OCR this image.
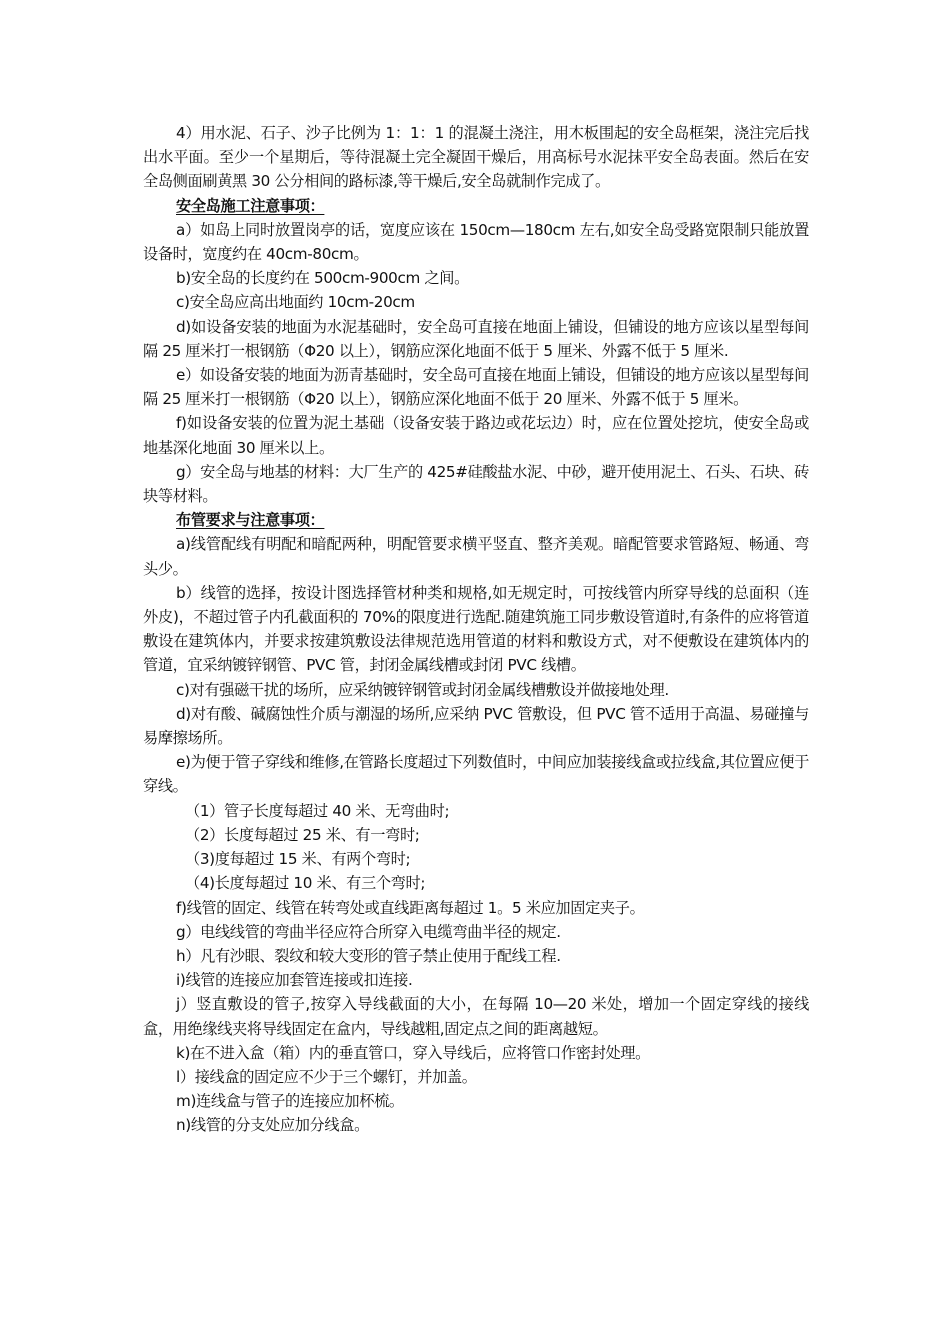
4）用水泥、石子、沙子比例为 1：1：1 的混凝土浇注，用木板围起的安全岛框架，浇注完后找出水平面。至少一个星期后，等待混凝土完全凝固干燥后，用高标号水泥抹平安全岛表面。然后在安全岛侧面刷黄黑 30 公分相间的路标漆,等干燥后,安全岛就制作完成了。

安全岛施工注意事项：

a）如岛上同时放置岗亭的话，宽度应该在 150cm—180cm 左右,如安全岛受路宽限制只能放置设备时，宽度约在 40cm-80cm。

b)安全岛的长度约在 500cm-900cm 之间。

c)安全岛应高出地面约 10cm-20cm

d)如设备安装的地面为水泥基础时，安全岛可直接在地面上铺设，但铺设的地方应该以星型每间隔 25 厘米打一根钢筋（Φ20 以上），钢筋应深化地面不低于 5 厘米、外露不低于 5 厘米.

e）如设备安装的地面为沥青基础时，安全岛可直接在地面上铺设，但铺设的地方应该以星型每间隔 25 厘米打一根钢筋（Φ20 以上），钢筋应深化地面不低于 20 厘米、外露不低于 5 厘米。

f)如设备安装的位置为泥土基础（设备安装于路边或花坛边）时，应在位置处挖坑，使安全岛或地基深化地面 30 厘米以上。

g）安全岛与地基的材料：大厂生产的 425#硅酸盐水泥、中砂，避开使用泥土、石头、石块、砖块等材料。

布管要求与注意事项：

a)线管配线有明配和暗配两种，明配管要求横平竖直、整齐美观。暗配管要求管路短、畅通、弯头少。

b）线管的选择，按设计图选择管材种类和规格,如无规定时，可按线管内所穿导线的总面积（连外皮)，不超过管子内孔截面积的 70%的限度进行选配.随建筑施工同步敷设管道时,有条件的应将管道敷设在建筑体内，并要求按建筑敷设法律规范选用管道的材料和敷设方式，对不便敷设在建筑体内的管道，宜采纳镀锌钢管、PVC 管，封闭金属线槽或封闭 PVC 线槽。

c)对有强磁干扰的场所，应采纳镀锌钢管或封闭金属线槽敷设并做接地处理.

d)对有酸、碱腐蚀性介质与潮湿的场所,应采纳 PVC 管敷设，但 PVC 管不适用于高温、易碰撞与易摩擦场所。

e)为便于管子穿线和维修,在管路长度超过下列数值时，中间应加装接线盒或拉线盒,其位置应便于穿线。

（1）管子长度每超过 40 米、无弯曲时;

（2）长度每超过 25 米、有一弯时;

（3)度每超过 15 米、有两个弯时;

（4)长度每超过 10 米、有三个弯时;

f)线管的固定、线管在转弯处或直线距离每超过 1。5 米应加固定夹子。

g）电线线管的弯曲半径应符合所穿入电缆弯曲半径的规定.

h）凡有沙眼、裂纹和较大变形的管子禁止使用于配线工程.

i)线管的连接应加套管连接或扣连接.

j）竖直敷设的管子,按穿入导线截面的大小，在每隔 10—20 米处，增加一个固定穿线的接线盒，用绝缘线夹将导线固定在盒内，导线越粗,固定点之间的距离越短。

k)在不进入盒（箱）内的垂直管口，穿入导线后，应将管口作密封处理。

l）接线盒的固定应不少于三个螺钉，并加盖。

m)连线盒与管子的连接应加杯梳。

n)线管的分支处应加分线盒。
